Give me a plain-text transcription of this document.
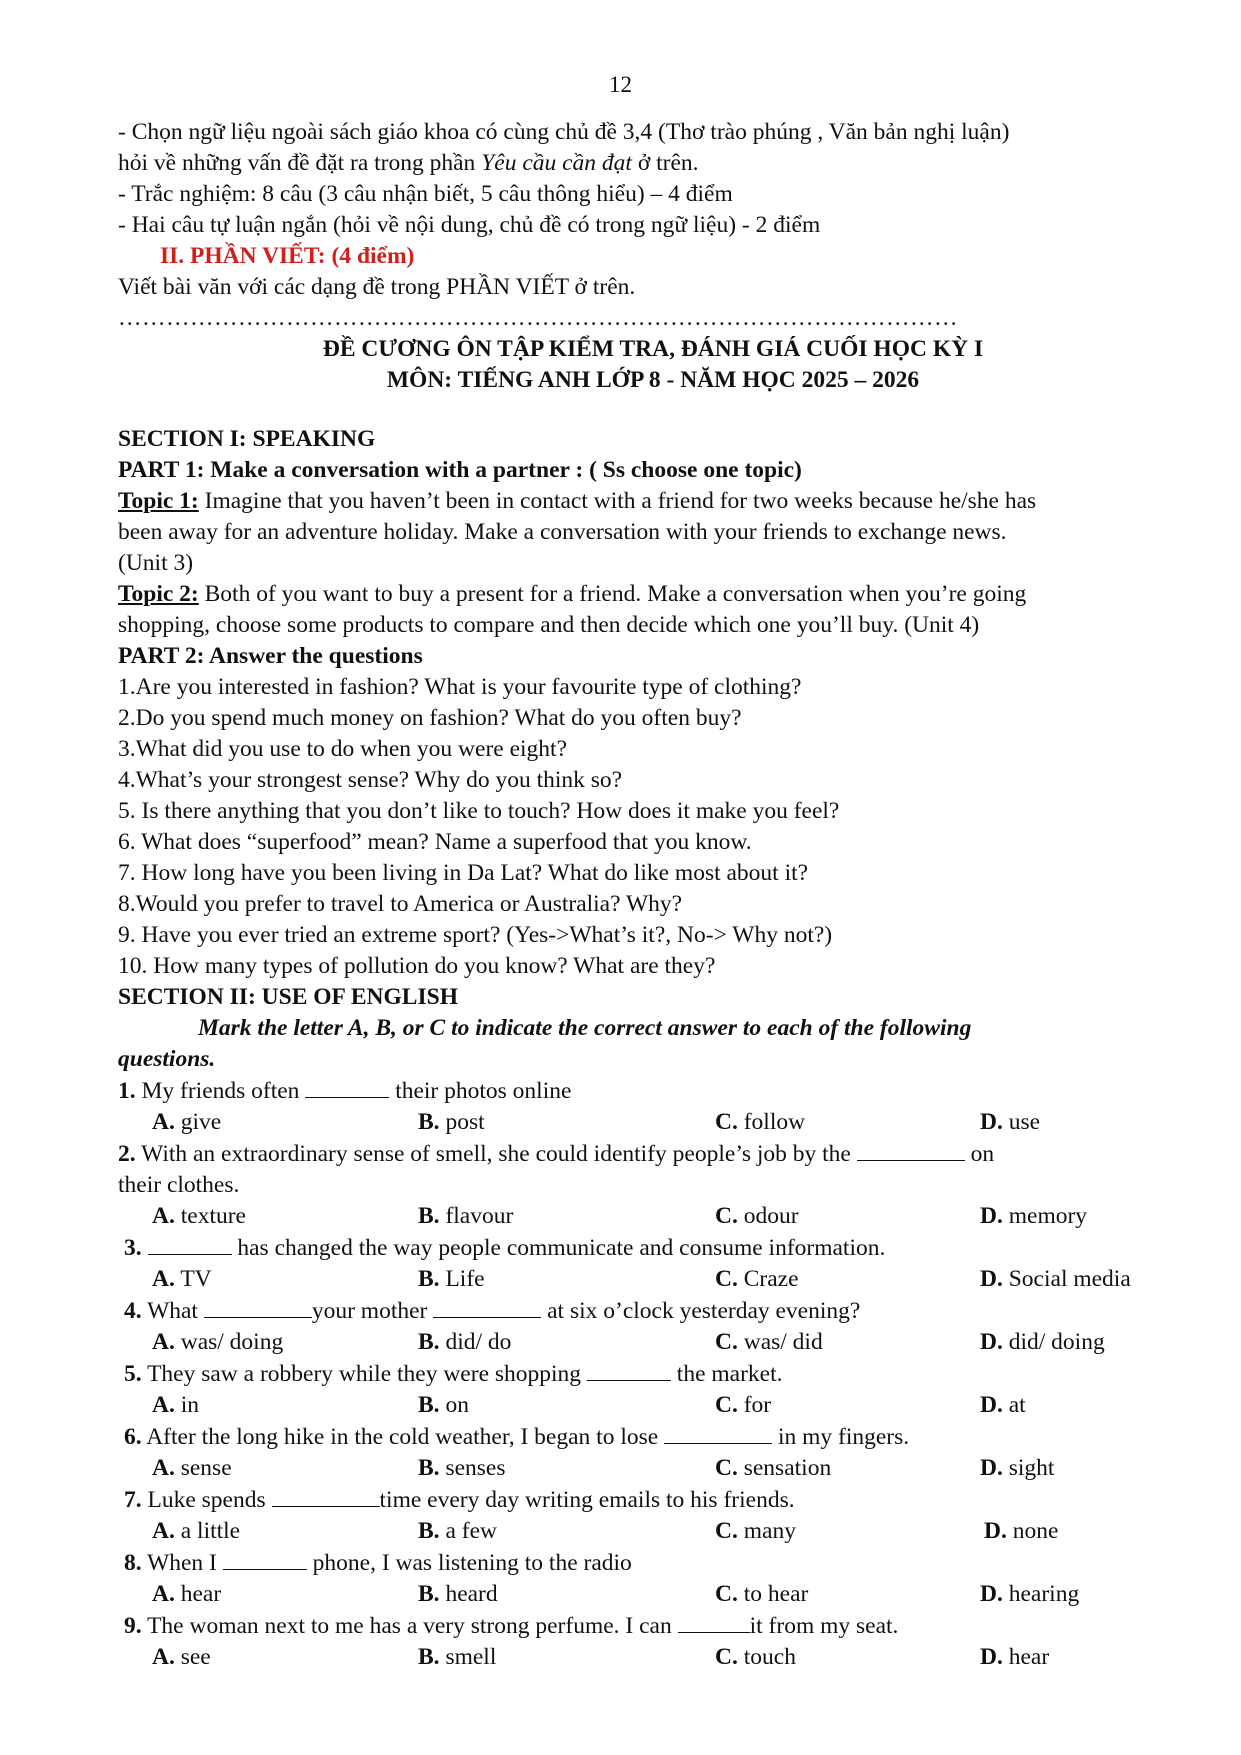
12
- Chọn ngữ liệu ngoài sách giáo khoa có cùng chủ đề 3,4 (Thơ trào phúng , Văn bản nghị luận)
hỏi về những vấn đề đặt ra trong phần Yêu cầu cần đạt ở trên.
- Trắc nghiệm: 8 câu (3 câu nhận biết, 5 câu thông hiểu) – 4 điểm
- Hai câu tự luận ngắn (hỏi về nội dung, chủ đề có trong ngữ liệu) - 2 điểm
II. PHẦN VIẾT: (4 điểm)
Viết bài văn với các dạng đề trong PHẦN VIẾT ở trên.
……………………………………………………………………………………………
ĐỀ CƯƠNG ÔN TẬP KIỂM TRA, ĐÁNH GIÁ CUỐI HỌC KỲ I
MÔN: TIẾNG ANH LỚP 8 - NĂM HỌC 2025 – 2026
SECTION I: SPEAKING
PART 1: Make a conversation with a partner : ( Ss choose one topic)
Topic 1: Imagine that you haven’t been in contact with a friend for two weeks because he/she has
been away for an adventure holiday. Make a conversation with your friends to exchange news.
(Unit 3)
Topic 2: Both of you want to buy a present for a friend. Make a conversation when you’re going
shopping, choose some products to compare and then decide which one you’ll buy. (Unit 4)
PART 2: Answer the questions
1.Are you interested in fashion? What is your favourite type of clothing?
2.Do you spend much money on fashion? What do you often buy?
3.What did you use to do when you were eight?
4.What’s your strongest sense? Why do you think so?
5. Is there anything that you don’t like to touch? How does it make you feel?
6. What does “superfood” mean? Name a superfood that you know.
7. How long have you been living in Da Lat? What do like most about it?
8.Would you prefer to travel to America or Australia? Why?
9. Have you ever tried an extreme sport? (Yes->What’s it?, No-> Why not?)
10. How many types of pollution do you know? What are they?
SECTION II: USE OF ENGLISH
Mark the letter A, B, or C to indicate the correct answer to each of the following
questions.
1. My friends often	their photos online
A. give	B. post	C. follow	D. use
2. With an extraordinary sense of smell, she could identify people’s job by the	on
their clothes.
A. texture	B. flavour	C. odour	D. memory
3.	has changed the way people communicate and consume information.
A. TV	B. Life	C. Craze	D. Social media
4. What	your mother	at six o’clock yesterday evening?
A. was/ doing	B. did/ do	C. was/ did	D. did/ doing
5. They saw a robbery while they were shopping	the market.
A. in	B. on	C. for	D. at
6. After the long hike in the cold weather, I began to lose	in my fingers.
A. sense	B. senses	C. sensation	D. sight
7. Luke spends	time every day writing emails to his friends.
A. a little	B. a few	C. many	D. none
8. When I	phone, I was listening to the radio
A. hear	B. heard	C. to hear	D. hearing
9. The woman next to me has a very strong perfume. I can	it from my seat.
A. see	B. smell	C. touch	D. hear
